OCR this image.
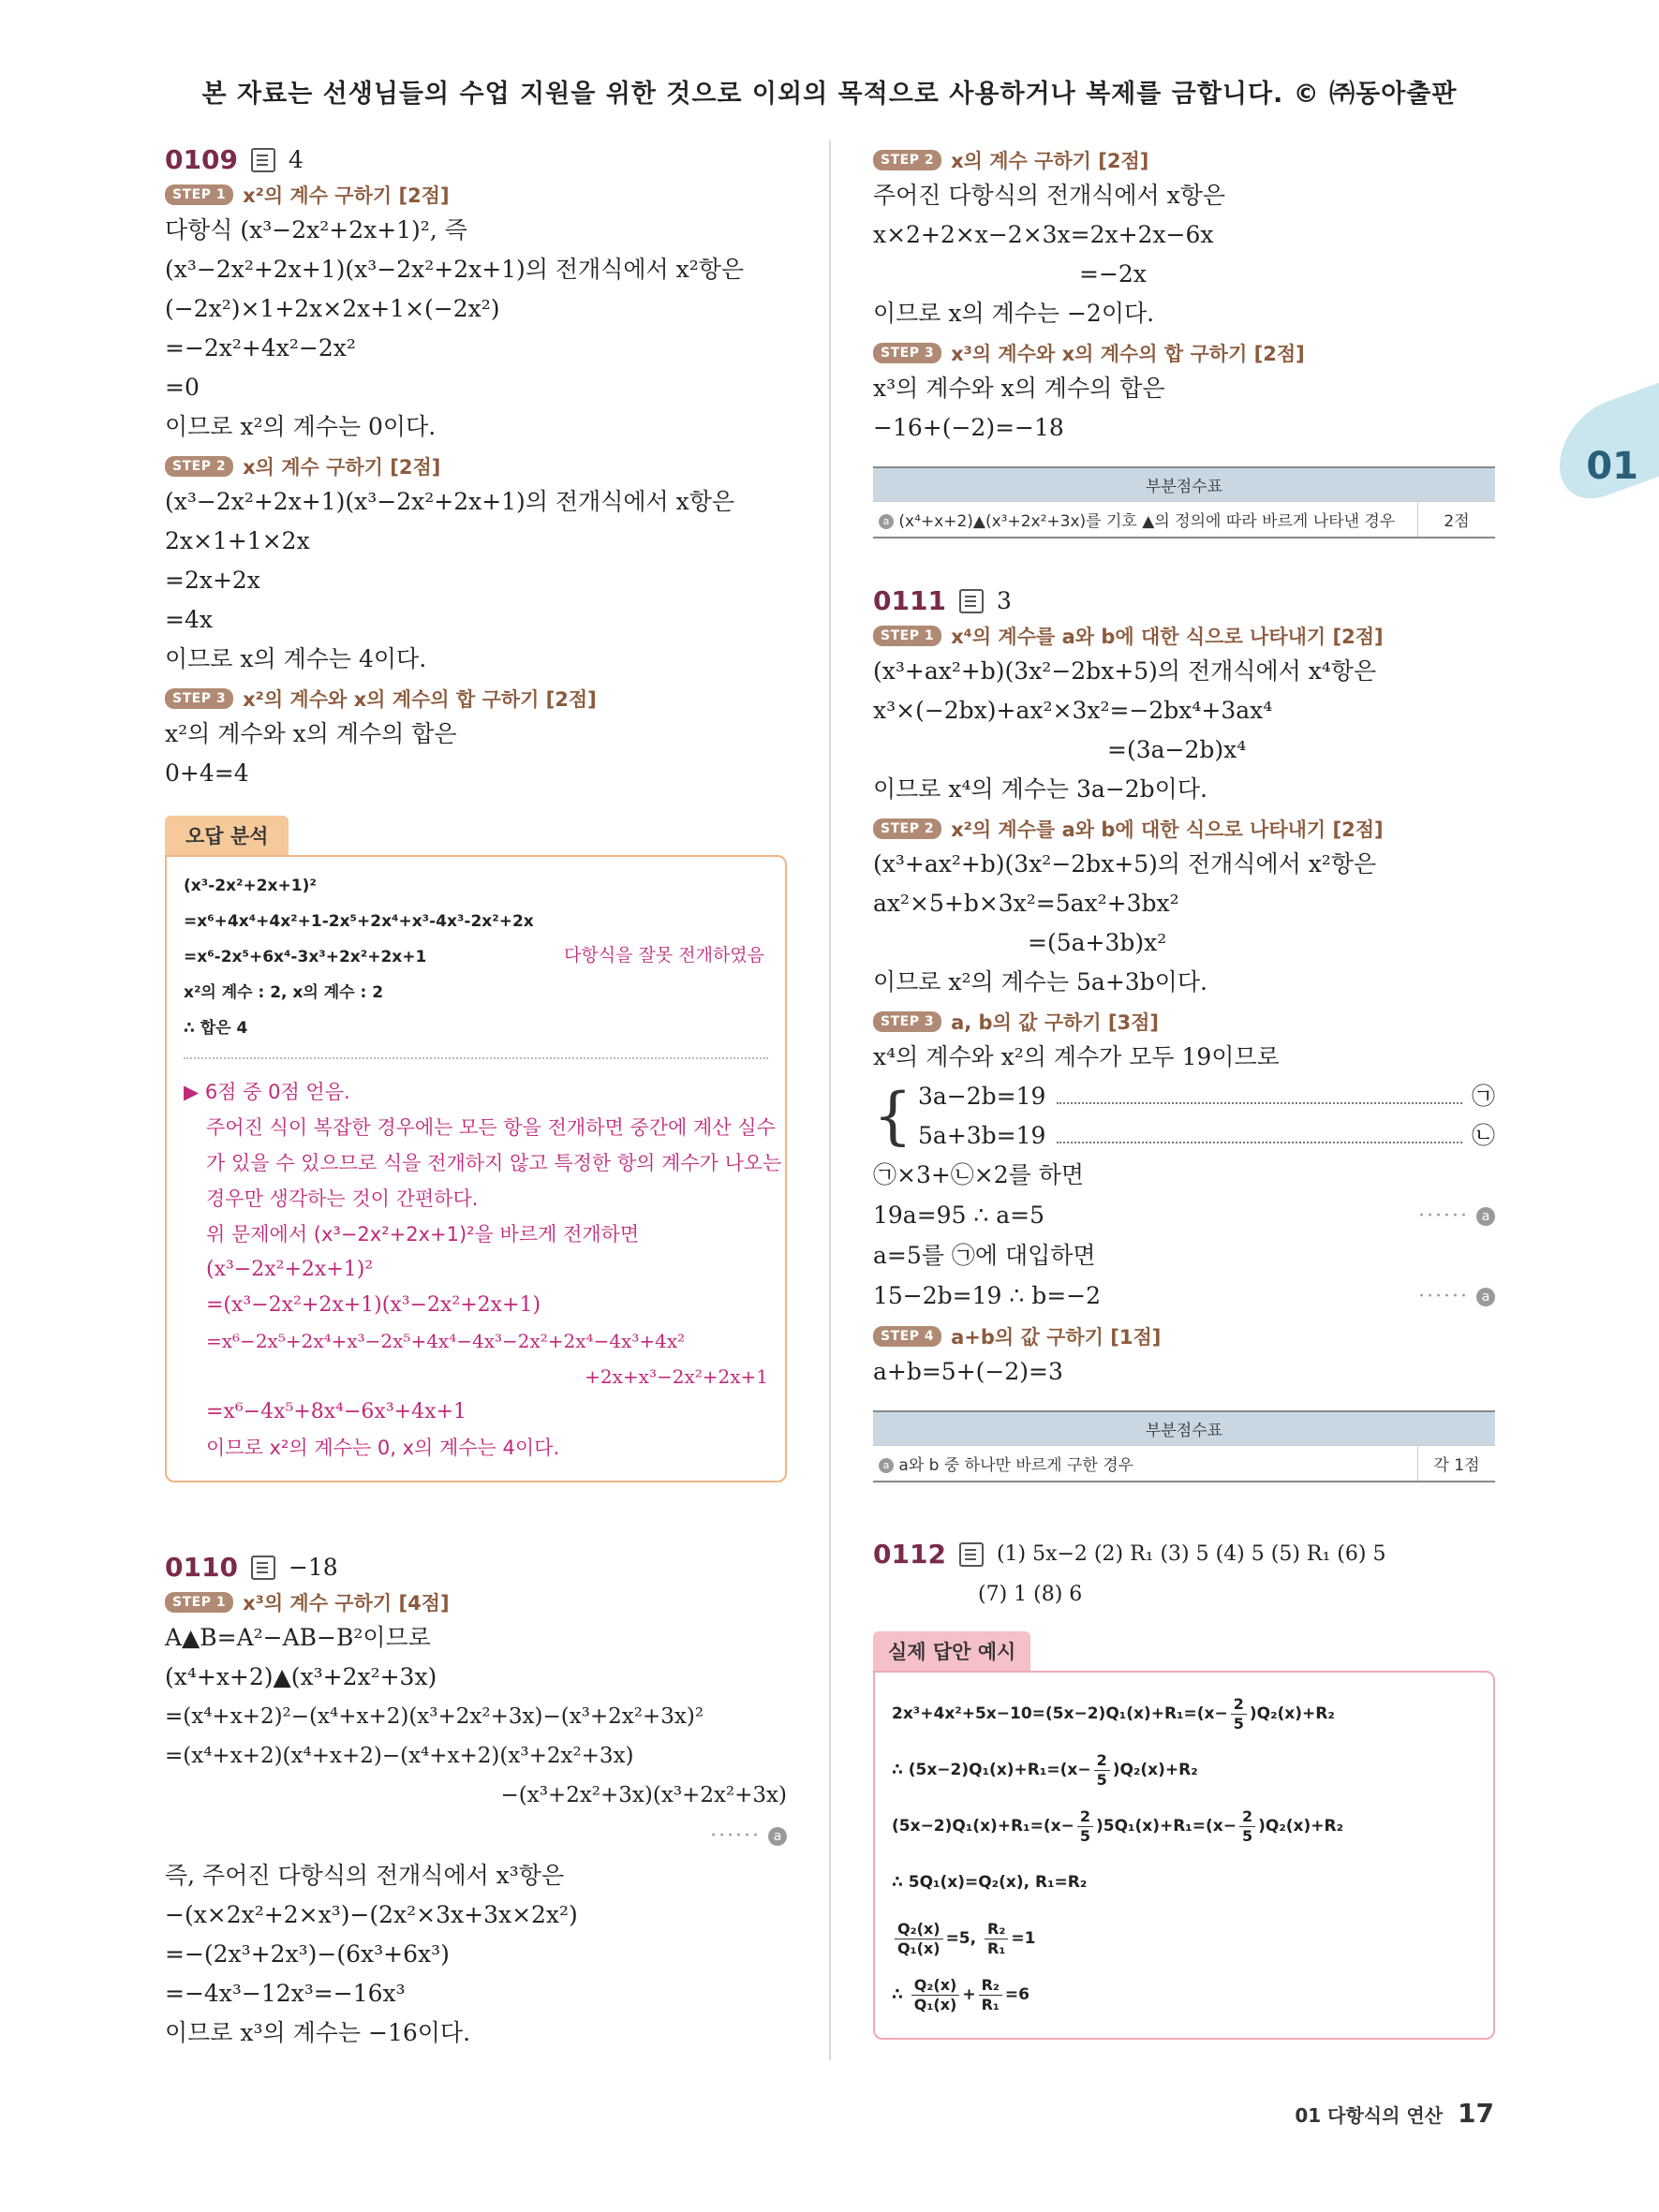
본 자료는 선생님들의 수업 지원을 위한 것으로 이외의 목적으로 사용하거나 복제를 금합니다. © ㈜동아출판
01
0109 4
STEP 1 x²의 계수 구하기 [2점]
다항식 (x³−2x²+2x+1)², 즉
(x³−2x²+2x+1)(x³−2x²+2x+1)의 전개식에서 x²항은
(−2x²)×1+2x×2x+1×(−2x²)
=−2x²+4x²−2x²
=0
이므로 x²의 계수는 0이다.
STEP 2 x의 계수 구하기 [2점]
(x³−2x²+2x+1)(x³−2x²+2x+1)의 전개식에서 x항은
2x×1+1×2x
=2x+2x
=4x
이므로 x의 계수는 4이다.
STEP 3 x²의 계수와 x의 계수의 합 구하기 [2점]
x²의 계수와 x의 계수의 합은
0+4=4
오답 분석
(x³-2x²+2x+1)²
=x⁶+4x⁴+4x²+1-2x⁵+2x⁴+x³-4x³-2x²+2x
=x⁶-2x⁵+6x⁴-3x³+2x²+2x+1	다항식을 잘못 전개하였음
x²의 계수 : 2, x의 계수 : 2
∴ 합은 4
▶ 6점 중 0점 얻음.
주어진 식이 복잡한 경우에는 모든 항을 전개하면 중간에 계산 실수
가 있을 수 있으므로 식을 전개하지 않고 특정한 항의 계수가 나오는
경우만 생각하는 것이 간편하다.
위 문제에서 (x³−2x²+2x+1)²을 바르게 전개하면
(x³−2x²+2x+1)²
=(x³−2x²+2x+1)(x³−2x²+2x+1)
=x⁶−2x⁵+2x⁴+x³−2x⁵+4x⁴−4x³−2x²+2x⁴−4x³+4x²
+2x+x³−2x²+2x+1
=x⁶−4x⁵+8x⁴−6x³+4x+1
이므로 x²의 계수는 0, x의 계수는 4이다.
0110 −18
STEP 1 x³의 계수 구하기 [4점]
A▲B=A²−AB−B²이므로
(x⁴+x+2)▲(x³+2x²+3x)
=(x⁴+x+2)²−(x⁴+x+2)(x³+2x²+3x)−(x³+2x²+3x)²
=(x⁴+x+2)(x⁴+x+2)−(x⁴+x+2)(x³+2x²+3x)
−(x³+2x²+3x)(x³+2x²+3x)
······ a
즉, 주어진 다항식의 전개식에서 x³항은
−(x×2x²+2×x³)−(2x²×3x+3x×2x²)
=−(2x³+2x³)−(6x³+6x³)
=−4x³−12x³=−16x³
이므로 x³의 계수는 −16이다.
STEP 2 x의 계수 구하기 [2점]
주어진 다항식의 전개식에서 x항은
x×2+2×x−2×3x=2x+2x−6x
=−2x
이므로 x의 계수는 −2이다.
STEP 3 x³의 계수와 x의 계수의 합 구하기 [2점]
x³의 계수와 x의 계수의 합은
−16+(−2)=−18
부분점수표
a (x⁴+x+2)▲(x³+2x²+3x)를 기호 ▲의 정의에 따라 바르게 나타낸 경우	2점
0111 3
STEP 1 x⁴의 계수를 a와 b에 대한 식으로 나타내기 [2점]
(x³+ax²+b)(3x²−2bx+5)의 전개식에서 x⁴항은
x³×(−2bx)+ax²×3x²=−2bx⁴+3ax⁴
=(3a−2b)x⁴
이므로 x⁴의 계수는 3a−2b이다.
STEP 2 x²의 계수를 a와 b에 대한 식으로 나타내기 [2점]
(x³+ax²+b)(3x²−2bx+5)의 전개식에서 x²항은
ax²×5+b×3x²=5ax²+3bx²
=(5a+3b)x²
이므로 x²의 계수는 5a+3b이다.
STEP 3 a, b의 값 구하기 [3점]
x⁴의 계수와 x²의 계수가 모두 19이므로
{ 3a−2b=19	㉠
5a+3b=19	㉡
㉠×3+㉡×2를 하면
19a=95 ∴ a=5	······ a
a=5를 ㉠에 대입하면
15−2b=19 ∴ b=−2	······ a
STEP 4 a+b의 값 구하기 [1점]
a+b=5+(−2)=3
부분점수표
a a와 b 중 하나만 바르게 구한 경우	각 1점
0112 (1) 5x−2 (2) R₁ (3) 5 (4) 5 (5) R₁ (6) 5
(7) 1 (8) 6
실제 답안 예시
$2x^3+4x^2+5x-10=(5x-2)Q_1(x)+R_1=(x- \frac{2}{5} )Q_2(x)+R_2$
∴ $(5x-2)Q_1(x)+R_1=(x- \frac{2}{5} )Q_2(x)+R_2$
$(5x-2)Q_1(x)+R_1=(x- \frac{2}{5} )5Q_1(x)+R_1=(x- \frac{2}{5} )Q_2(x)+R_2$
∴ 5Q₁(x)=Q₂(x), R₁=R₂
$\frac{\text{Q₂(x)}}{\text{Q₁(x)}} =5$, $\frac{\text{R₂}}{\text{R₁}} =1$
∴ $\frac{\text{Q₂(x)}}{\text{Q₁(x)}} + \frac{\text{R₂}}{\text{R₁}} =6$
01 다항식의 연산 17
